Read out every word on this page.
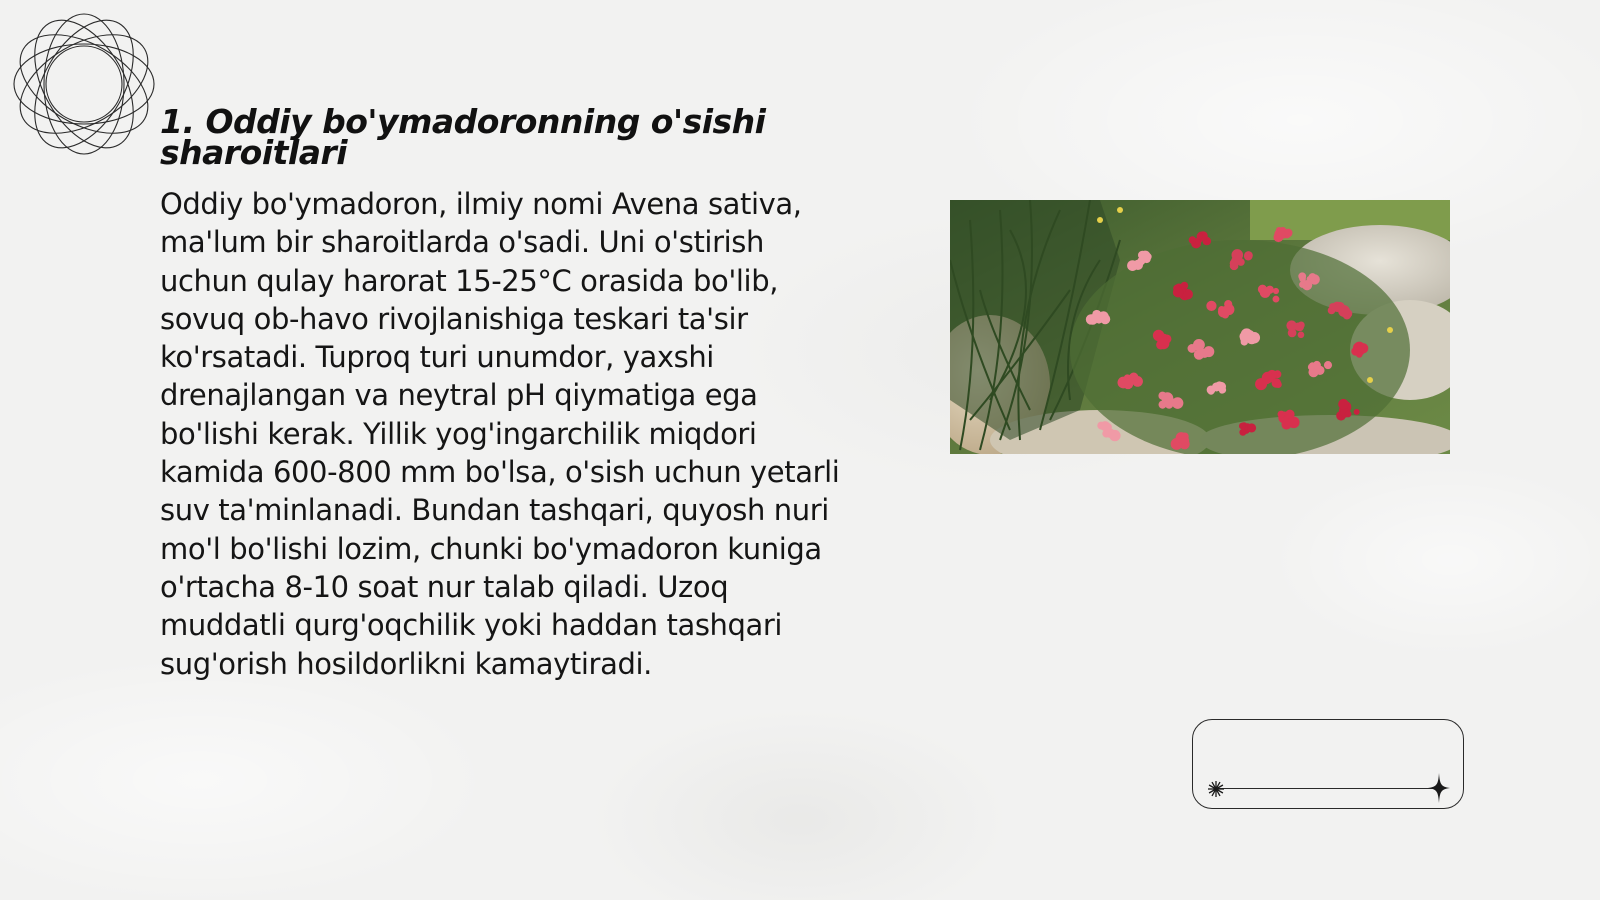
1. Oddiy bo'ymadoronning o'sishi sharoitlari

Oddiy bo'ymadoron, ilmiy nomi Avena sativa, ma'lum bir sharoitlarda o'sadi. Uni o'stirish uchun qulay harorat 15-25°C orasida bo'lib, sovuq ob-havo rivojlanishiga teskari ta'sir ko'rsatadi. Tuproq turi unumdor, yaxshi drenajlangan va neytral pH qiymatiga ega bo'lishi kerak. Yillik yog'ingarchilik miqdori kamida 600-800 mm bo'lsa, o'sish uchun yetarli suv ta'minlanadi. Bundan tashqari, quyosh nuri mo'l bo'lishi lozim, chunki bo'ymadoron kuniga o'rtacha 8-10 soat nur talab qiladi. Uzoq muddatli qurg'oqchilik yoki haddan tashqari sug'orish hosildorlikni kamaytiradi.
